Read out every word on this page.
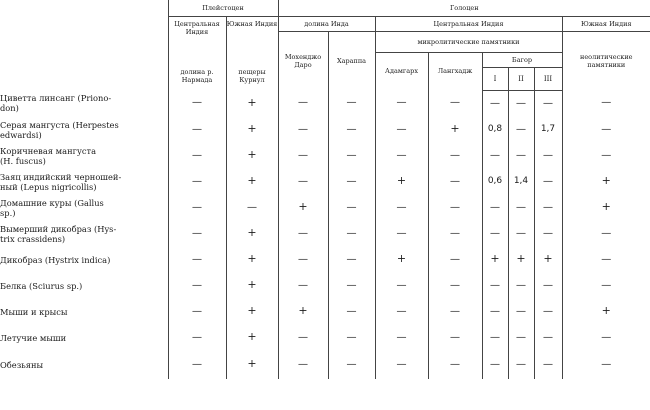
	Плейстоцен		Голоцен							

	Центральная Индия
долина р. Нармада	Южная Индия
пещеры Курнул	долина Инда		Центральная Индия					Южная Индия
			Мохенджо Даро	Хараппа	микролитические памятники					неолитические памятники
					Адамгарх	Лангхадж	Багор			
							I	II	III	

Циветта линсанг (Priono-
don)	—	+	—	—	—	—	—	—	—	—

Серая мангуста (Herpestes
edwardsi)	—	+	—	—	—	+	0,8	—	1,7	—

Коричневая мангуста
(H. fuscus)	—	+	—	—	—	—	—	—	—	—

Заяц индийский черношей-
ный (Lepus nigricollis)	—	+	—	—	+	—	0,6	1,4	—	+

Домашние куры (Gallus
sp.)	—	—	+	—	—	—	—	—	—	+

Вымерший дикобраз (Hys-
trix crassidens)	—	+	—	—	—	—	—	—	—	—

Дикобраз (Hystrix indica)	—	+	—	—	+	—	+	+	+	—

Белка (Sciurus sp.)	—	+	—	—	—	—	—	—	—	—

Мыши и крысы	—	+	+	—	—	—	—	—	—	+

Летучие мыши	—	+	—	—	—	—	—	—	—	—

Обезьяны	—	+	—	—	—	—	—	—	—	—
